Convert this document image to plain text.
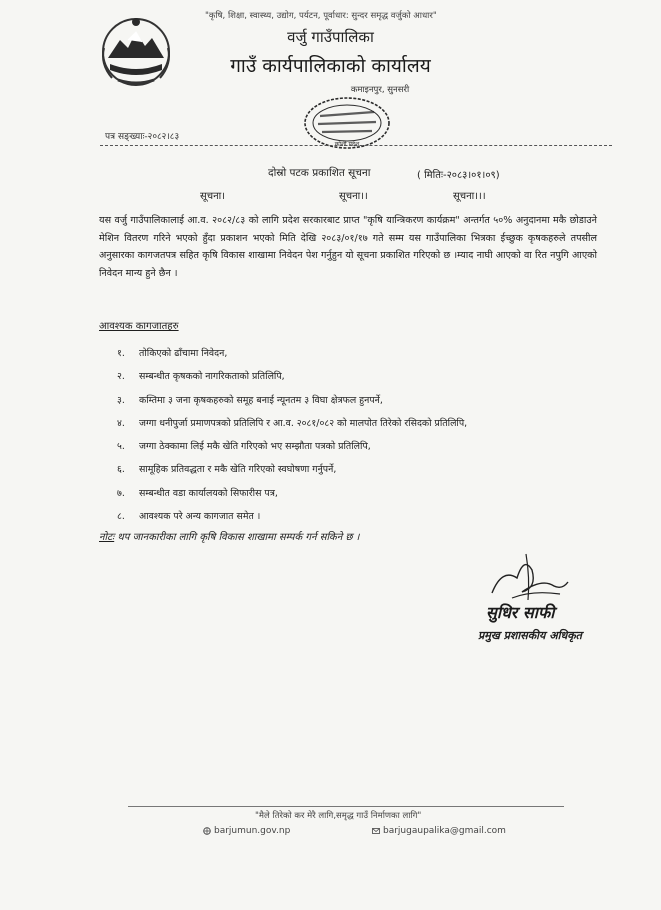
"कृषि, शिक्षा, स्वास्थ्य, उद्योग, पर्यटन, पूर्वाधार: सुन्दर समृद्ध वर्जुको आधार"
वर्जु गाउँपालिका
गाउँ कार्यपालिकाको कार्यालय
कमाइनपुर, सुनसरी
कोशी प्रदेश
पत्र सङ्ख्याः-२०८२।८३
दोस्रो पटक प्रकाशित सूचना	( मितिः-२०८३।०१।०९)
सूचना।	सूचना।।	सूचना।।।
यस वर्जु गाउँपालिकालाई आ.व. २०८२/८३ को लागि प्रदेश सरकारबाट प्राप्त "कृषि यान्त्रिकरण कार्यक्रम" अन्तर्गत ५०% अनुदानमा मकै छोडाउने मेशिन वितरण गरिने भएको हुँदा प्रकाशन भएको मिति देखि २०८३/०१/१७ गते सम्म यस गाउँपालिका भित्रका ईच्छुक कृषकहरुले तपसील अनुसारका कागजतपत्र सहित कृषि विकास शाखामा निवेदन पेश गर्नुहुन यो सूचना प्रकाशित गरिएको छ ।म्याद नाघी आएको वा रित नपुगि आएको निवेदन मान्य हुने छैन ।
आवश्यक कागजातहरु
१. तोकिएको ढाँचामा निवेदन,
२. सम्बन्धीत कृषकको नागरिकताको प्रतिलिपि,
३. कम्तिमा ३ जना कृषकहरुको समूह बनाई न्यूनतम ३ विघा क्षेत्रफल हुनपर्ने,
४. जग्गा धनीपुर्जा प्रमाणपत्रको प्रतिलिपि र आ.व. २०८१/०८२ को मालपोत तिरेको रसिदको प्रतिलिपि,
५. जग्गा ठेक्कामा लिई मकै खेति गरिएको भए सम्झौता पत्रको प्रतिलिपि,
६. सामूहिक प्रतिवद्धता र मकै खेति गरिएको स्वघोषणा गर्नुपर्ने,
७. सम्बन्धीत वडा कार्यालयको सिफारीस पत्र,
८. आवश्यक परे अन्य कागजात समेत ।
नोटः थप जानकारीका लागि कृषि विकास शाखामा सम्पर्क गर्न सकिने छ ।
सुधिर साफी
प्रमुख प्रशासकीय अधिकृत
"मैले तिरेको कर मेरै लागि,समृद्ध गाउँ निर्माणका लागि"
barjumun.gov.np	barjugaupalika@gmail.com
